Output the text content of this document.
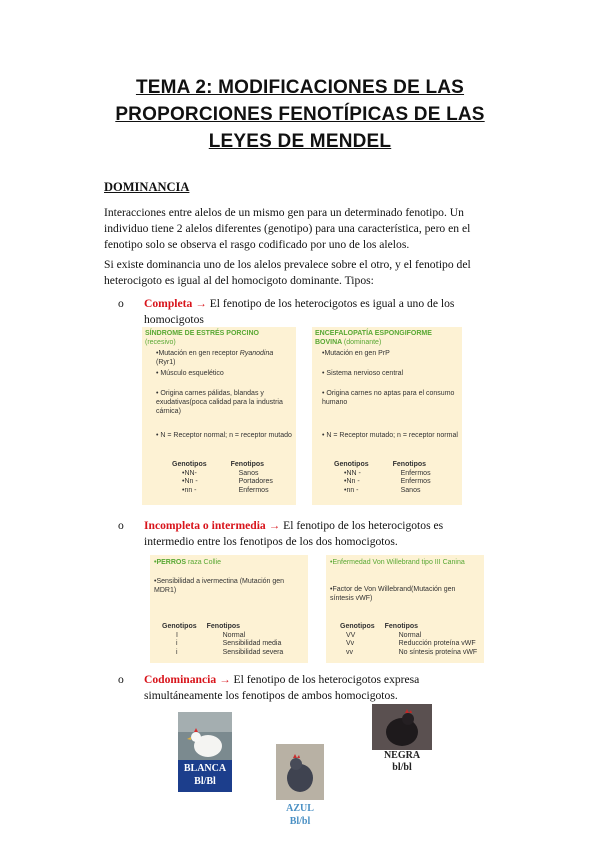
TEMA 2: MODIFICACIONES DE LAS
PROPORCIONES FENOTÍPICAS DE LAS
LEYES DE MENDEL
DOMINANCIA
Interacciones entre alelos de un mismo gen para un determinado fenotipo. Un individuo tiene 2 alelos diferentes (genotipo) para una característica, pero en el fenotipo solo se observa el rasgo codificado por uno de los alelos.
Si existe dominancia uno de los alelos prevalece sobre el otro, y el fenotipo del heterocigoto es igual al del homocigoto dominante. Tipos:
o Completa → El fenotipo de los heterocigotos es igual a uno de los homocigotos
SÍNDROME DE ESTRÉS PORCINO
(recesivo)
•Mutación en gen receptor Ryanodina
(Ryr1)
• Músculo esquelético
• Origina carnes pálidas, blandas y exudativas(poca calidad para la industria cárnica)
• N = Receptor normal; n = receptor mutado
Genotipos	Fenotipos
•NN-	Sanos
•Nn -	Portadores
•nn -	Enfermos
ENCEFALOPATÍA ESPONGIFORME
BOVINA (dominante)
•Mutación en gen PrP
• Sistema nervioso central
• Origina carnes no aptas para el consumo humano
• N = Receptor mutado; n = receptor normal
Genotipos	Fenotipos
•NN -	Enfermos
•Nn -	Enfermos
•nn -	Sanos
o Incompleta o intermedia → El fenotipo de los heterocigotos es intermedio entre los fenotipos de los dos homocigotos.
•PERROS raza Collie
•Sensibilidad a ivermectina (Mutación gen MDR1)
Genotipos	Fenotipos
I	Normal
i	Sensibilidad media
i	Sensibilidad severa
•Enfermedad Von Willebrand tipo III Canina
•Factor de Von Willebrand(Mutación gen síntesis vWF)
Genotipos	Fenotipos
VV	Normal
Vv	Reducción proteína vWF
vv	No síntesis proteína vWF
o Codominancia → El fenotipo de los heterocigotos expresa simultáneamente los fenotipos de ambos homocigotos.
BLANCA
Bl/Bl
AZUL
Bl/bl
NEGRA
bl/bl
